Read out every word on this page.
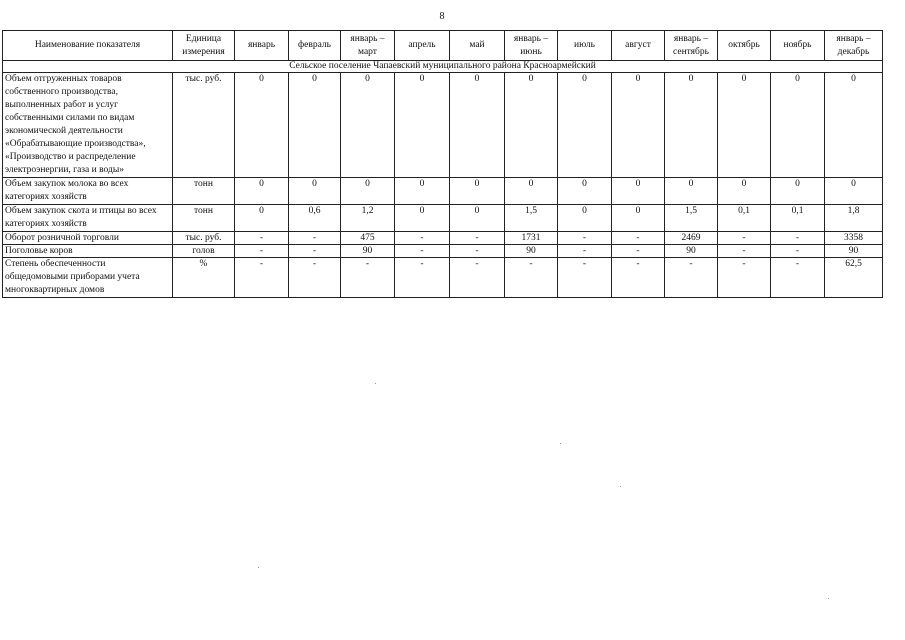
8
Наименование показателя	Единица измерения	январь	февраль	январь – март	апрель	май	январь – июнь	июль	август	январь – сентябрь	октябрь	ноябрь	январь – декабрь
Сельское поселение Чапаевский муниципального района Красноармейский													
Объем отгруженных товаров собственного производства, выполненных работ и услуг собственными силами по видам экономической деятельности «Обрабатывающие производства», «Производство и распределение электроэнергии, газа и воды»	тыс. руб.	0	0	0	0	0	0	0	0	0	0	0	0
Объем закупок молока во всех категориях хозяйств	тонн	0	0	0	0	0	0	0	0	0	0	0	0
Объем закупок скота и птицы во всех категориях хозяйств	тонн	0	0,6	1,2	0	0	1,5	0	0	1,5	0,1	0,1	1,8
Оборот розничной торговли	тыс. руб.	-	-	475	-	-	1731	-	-	2469	-	-	3358
Поголовье коров	голов	-	-	90	-	-	90	-	-	90	-	-	90
Степень обеспеченности общедомовыми приборами учета многоквартирных домов	%	-	-	-	-	-	-	-	-	-	-	-	62,5
